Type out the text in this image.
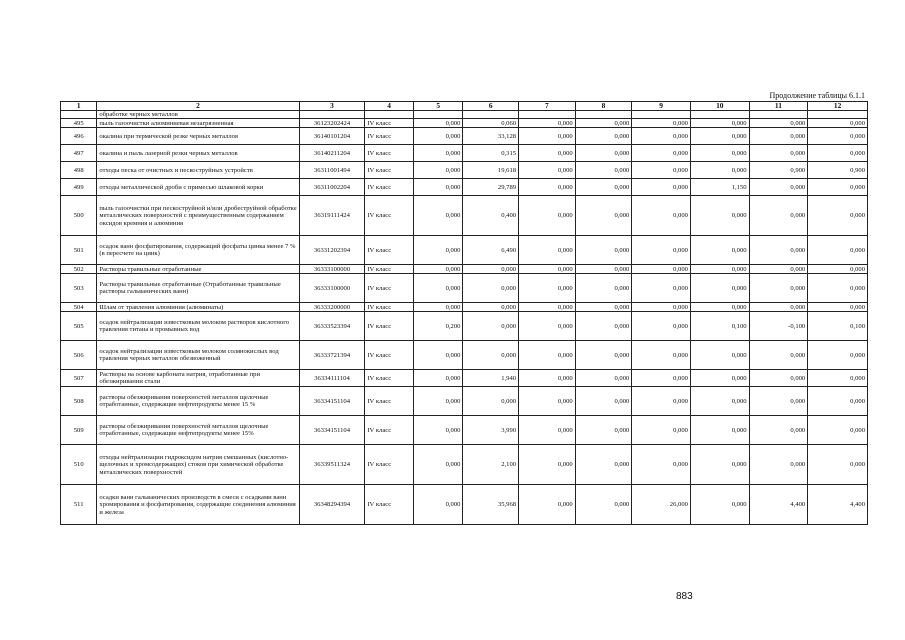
Продолжение таблицы 6.1.1
1	2	3	4	5	6	7	8	9	10	11	12
	обработке черных металлов										
495	пыль газоочистки алюминиевая незагрязненная	36123202424	IV класс	0,000	0,060	0,000	0,000	0,000	0,000	0,000	0,000
496	окалина при термической резке черных металлов	36140101204	IV класс	0,000	33,128	0,000	0,000	0,000	0,000	0,000	0,000
497	окалина и пыль лазерной резки черных металлов	36140211204	IV класс	0,000	0,315	0,000	0,000	0,000	0,000	0,000	0,000
498	отходы песка от очистных и пескоструйных устройств	36311001494	IV класс	0,000	19,618	0,000	0,000	0,000	0,000	0,900	0,900
499	отходы металлической дроби с примесью шлаковой корки	36311002204	IV класс	0,000	29,789	0,000	0,000	0,000	1,150	0,000	0,000
500	пыль газоочистки при пескоструйной и/или дробеструйной обработке металлических поверхностей с преимущественным содержанием оксидов кремния и алюминия	36319111424	IV класс	0,000	0,400	0,000	0,000	0,000	0,000	0,000	0,000
501	осадок ванн фосфатирования, содержащий фосфаты цинка менее 7 % (в пересчете на цинк)	36331202394	IV класс	0,000	6,490	0,000	0,000	0,000	0,000	0,000	0,000
502	Растворы травильные отработанные	36333100000	IV класс	0,000	0,000	0,000	0,000	0,000	0,000	0,000	0,000
503	Растворы травильные отработанные (Отработанные травильные растворы гальванических ванн)	36333100000	IV класс	0,000	0,000	0,000	0,000	0,000	0,000	0,000	0,000
504	Шлам от травления алюминия (алюминаты)	36333200000	IV класс	0,000	0,000	0,000	0,000	0,000	0,000	0,000	0,000
505	осадок нейтрализации известковым молоком растворов кислотного травления титана и промывных вод	36333523394	IV класс	0,200	0,000	0,000	0,000	0,000	0,100	-0,100	0,100
506	осадок нейтрализации известковым молоком солянокислых вод травления черных металлов обезвоженный	36333721394	IV класс	0,000	0,000	0,000	0,000	0,000	0,000	0,000	0,000
507	Растворы на основе карбоната натрия, отработанные при обезжиривании стали	36334111104	IV класс	0,000	1,940	0,000	0,000	0,000	0,000	0,000	0,000
508	растворы обезжиривания поверхностей металлов щелочные отработанные, содержащие нефтепродукты менее 15 %	36334151104	IV класс	0,000	0,000	0,000	0,000	0,000	0,000	0,000	0,000
509	растворы обезжиривания поверхностей металлов щелочные отработанные, содержащие нефтепродукты менее 15%	36334151104	IV класс	0,000	3,990	0,000	0,000	0,000	0,000	0,000	0,000
510	отходы нейтрализации гидроксидом натрия смешанных (кислотно- щелочных и хромсодержащих) стоков при химической обработке металлических поверхностей	36339511324	IV класс	0,000	2,100	0,000	0,000	0,000	0,000	0,000	0,000
511	осадки ванн гальванических производств в смеси с осадками ванн хромирования и фосфатирования, содержащие соединения алюминия и железа	36348294394	IV класс	0,000	35,968	0,000	0,000	26,000	0,000	4,400	4,400
883
